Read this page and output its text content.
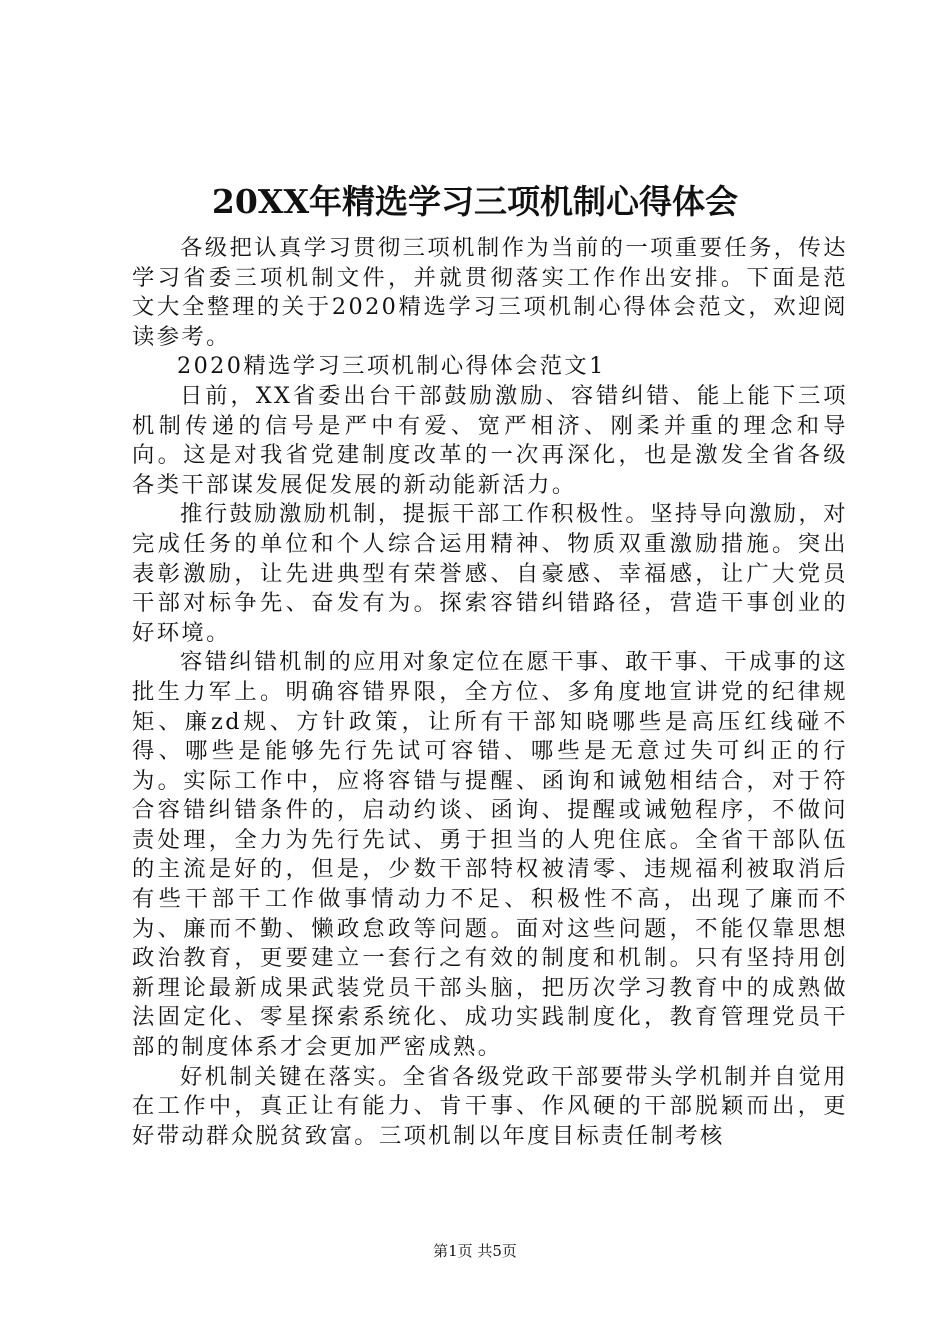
20XX年精选学习三项机制心得体会

各级把认真学习贯彻三项机制作为当前的一项重要任务，传达学习省委三项机制文件，并就贯彻落实工作作出安排。下面是范文大全整理的关于2020精选学习三项机制心得体会范文，欢迎阅读参考。

2020精选学习三项机制心得体会范文1

日前，XX省委出台干部鼓励激励、容错纠错、能上能下三项机制传递的信号是严中有爱、宽严相济、刚柔并重的理念和导向。这是对我省党建制度改革的一次再深化，也是激发全省各级各类干部谋发展促发展的新动能新活力。

推行鼓励激励机制，提振干部工作积极性。坚持导向激励，对完成任务的单位和个人综合运用精神、物质双重激励措施。突出表彰激励，让先进典型有荣誉感、自豪感、幸福感，让广大党员干部对标争先、奋发有为。探索容错纠错路径，营造干事创业的好环境。

容错纠错机制的应用对象定位在愿干事、敢干事、干成事的这批生力军上。明确容错界限，全方位、多角度地宣讲党的纪律规矩、廉zd规、方针政策，让所有干部知晓哪些是高压红线碰不得、哪些是能够先行先试可容错、哪些是无意过失可纠正的行为。实际工作中，应将容错与提醒、函询和诫勉相结合，对于符合容错纠错条件的，启动约谈、函询、提醒或诫勉程序，不做问责处理，全力为先行先试、勇于担当的人兜住底。全省干部队伍的主流是好的，但是，少数干部特权被清零、违规福利被取消后有些干部干工作做事情动力不足、积极性不高，出现了廉而不为、廉而不勤、懒政怠政等问题。面对这些问题，不能仅靠思想政治教育，更要建立一套行之有效的制度和机制。只有坚持用创新理论最新成果武装党员干部头脑，把历次学习教育中的成熟做法固定化、零星探索系统化、成功实践制度化，教育管理党员干部的制度体系才会更加严密成熟。

好机制关键在落实。全省各级党政干部要带头学机制并自觉用在工作中，真正让有能力、肯干事、作风硬的干部脱颖而出，更好带动群众脱贫致富。三项机制以年度目标责任制考核

第1页 共5页
